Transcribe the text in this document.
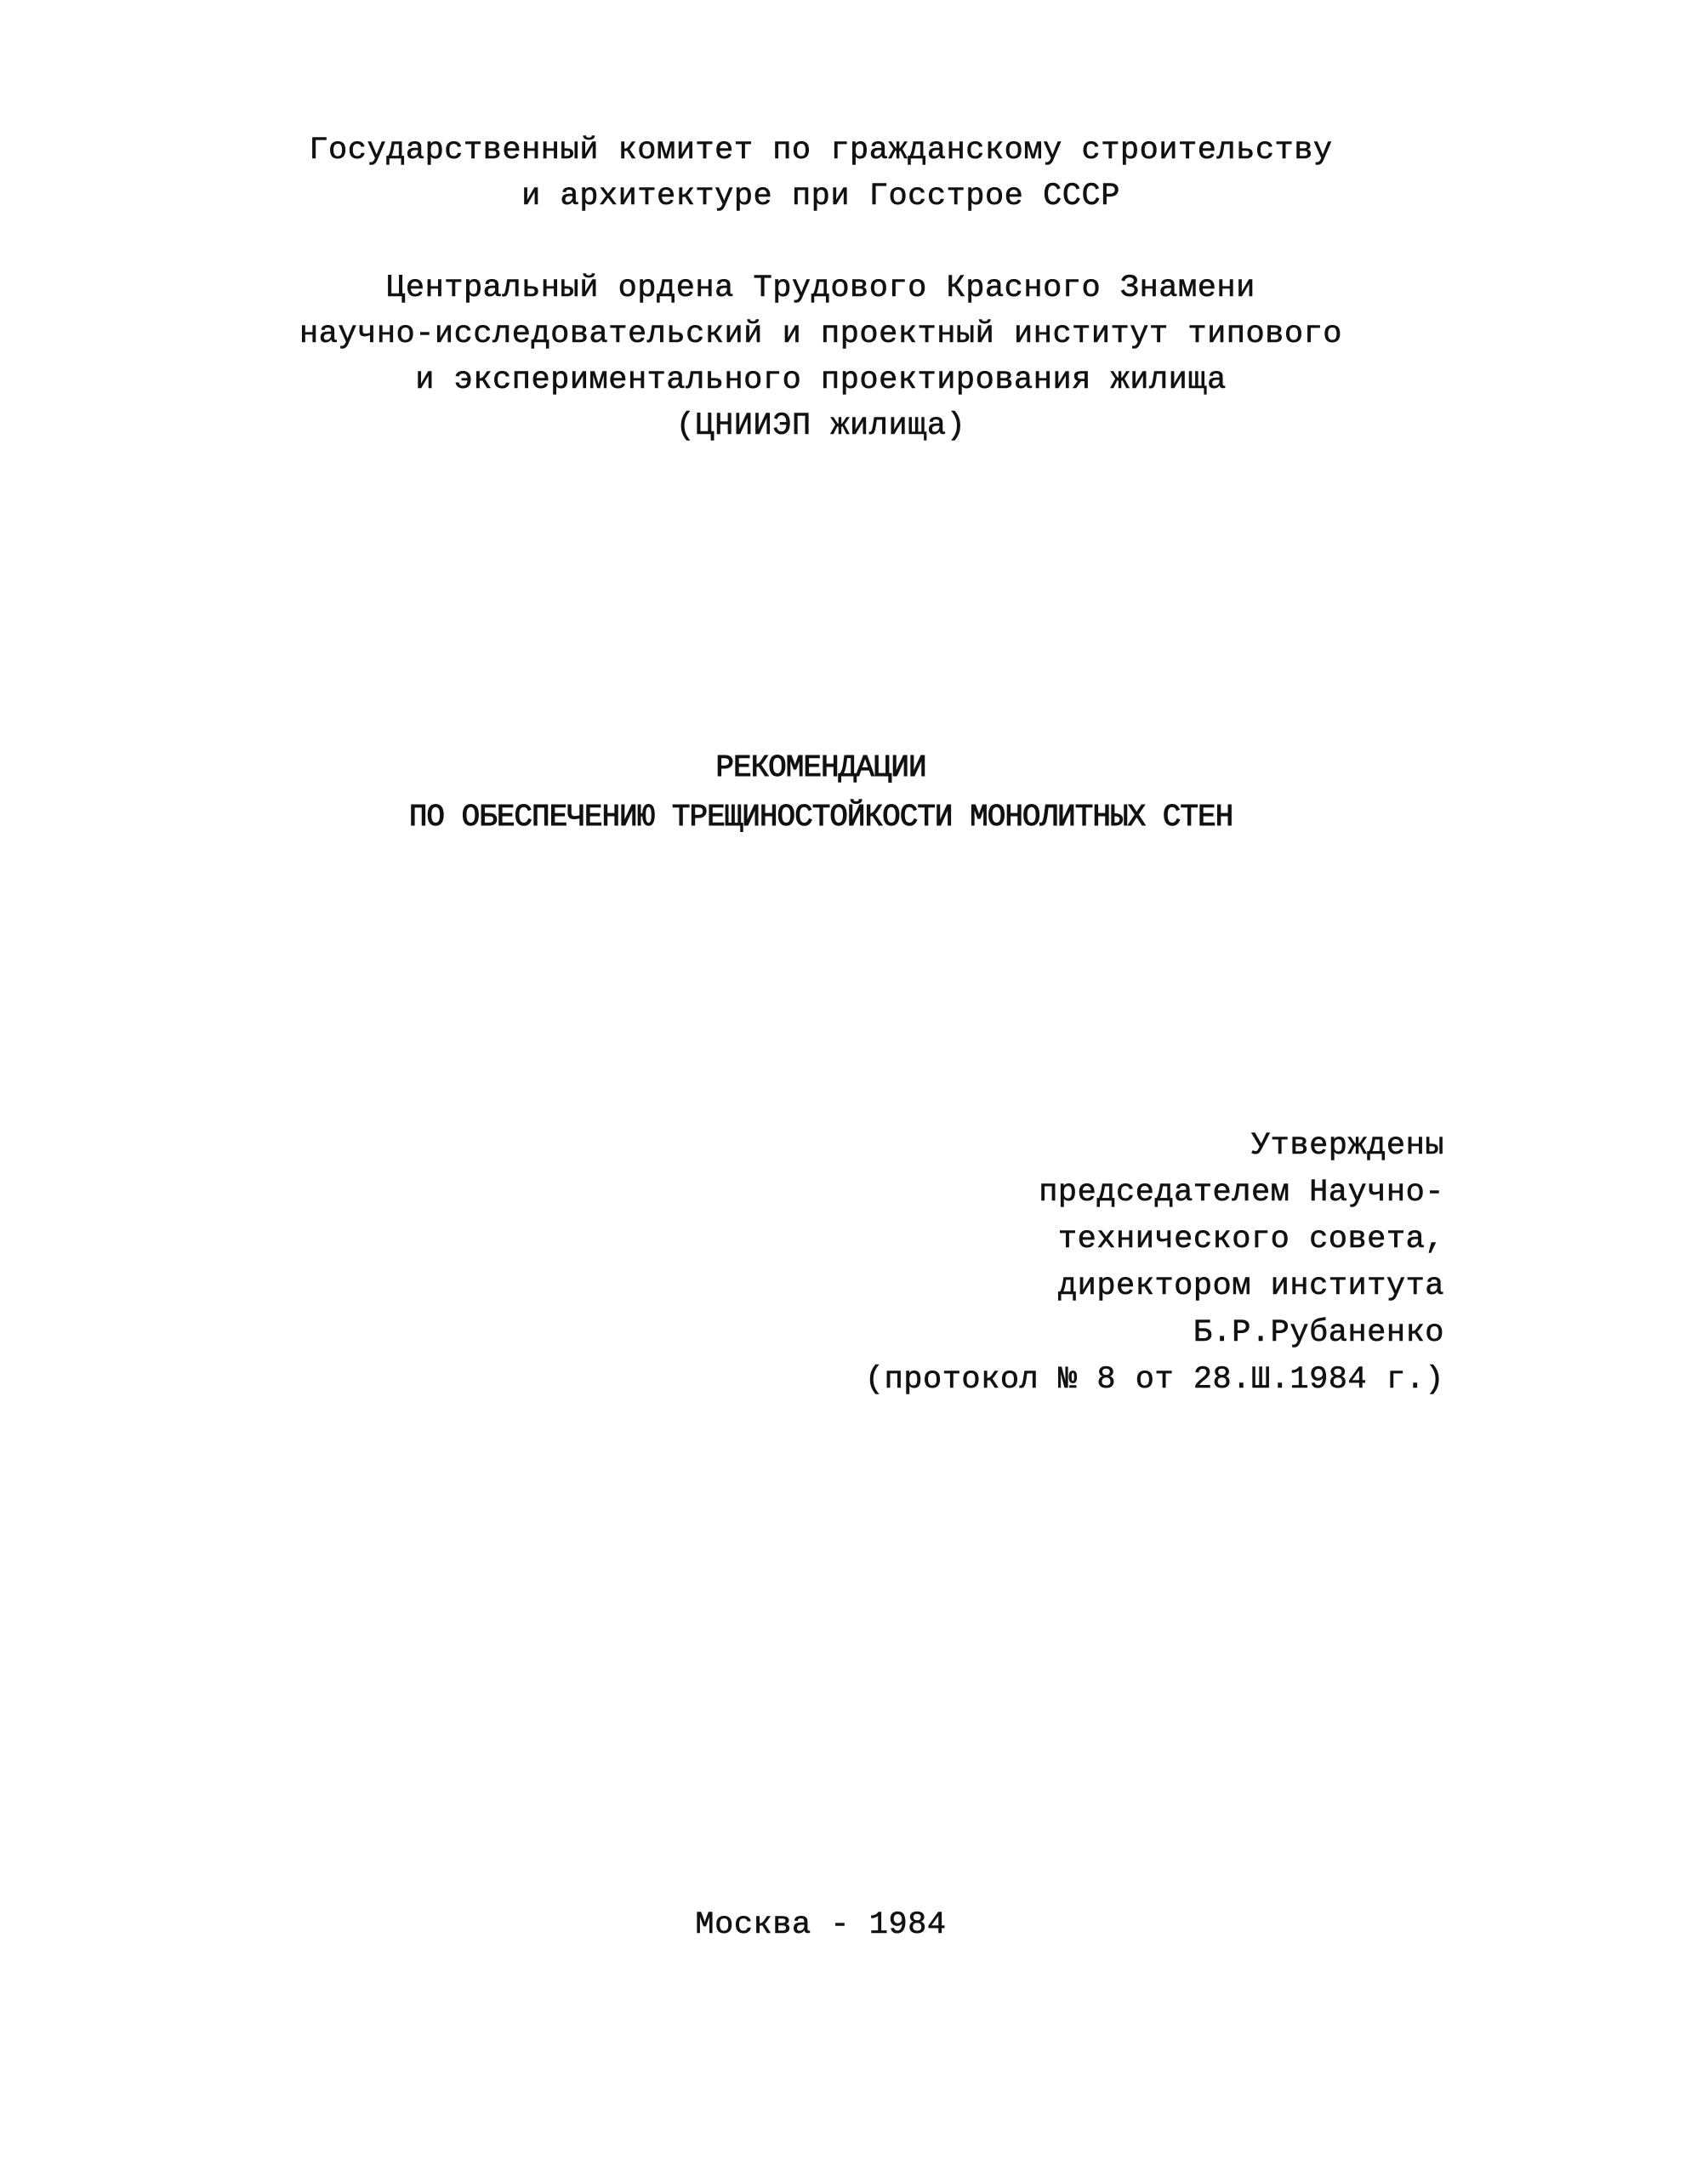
Государственный комитет по гражданскому строительству
и архитектуре при Госстрое СССР
Центральный ордена Трудового Красного Знамени
научно-исследовательский и проектный институт типового
и экспериментального проектирования жилища
(ЦНИИЭП жилища)
РЕКОМЕНДАЦИИ
ПО ОБЕСПЕЧЕНИЮ ТРЕЩИНОСТОЙКОСТИ МОНОЛИТНЫХ СТЕН
Утверждены
председателем Научно-
технического совета,
директором института
Б.Р.Рубаненко
(протокол № 8 от 28.Ш.1984 г.)
Москва - 1984
